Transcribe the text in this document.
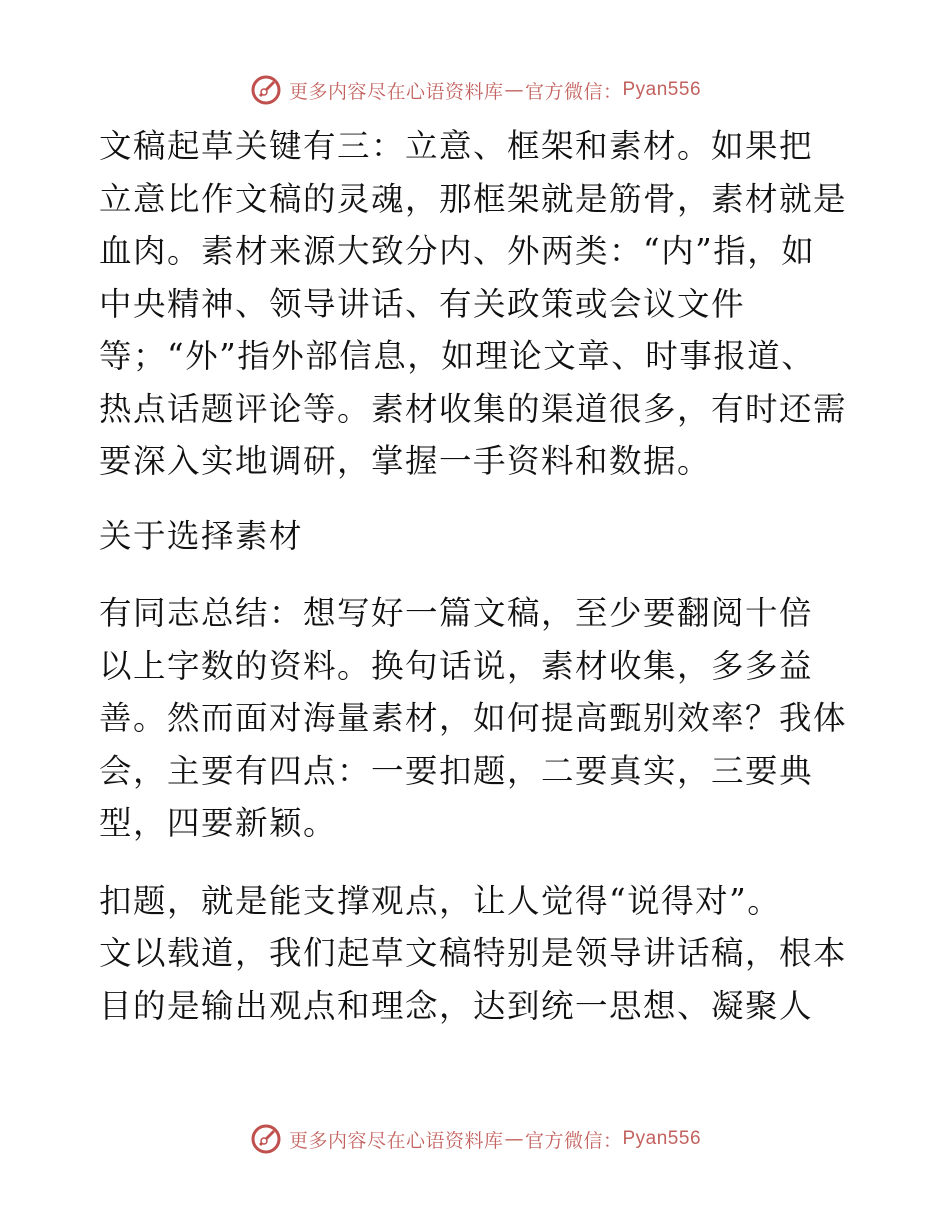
更多内容尽在心语资料库 — 官方微信： Pyan556

文稿起草关键有三：立意、框架和素材。如果把
立意比作文稿的灵魂，那框架就是筋骨，素材就是
血肉。素材来源大致分内、外两类：“内”指，如
中央精神、领导讲话、有关政策或会议文件
等；“外”指外部信息，如理论文章、时事报道、
热点话题评论等。素材收集的渠道很多，有时还需
要深入实地调研，掌握一手资料和数据。

关于选择素材

有同志总结：想写好一篇文稿，至少要翻阅十倍
以上字数的资料。换句话说，素材收集，多多益
善。然而面对海量素材，如何提高甄别效率？我体
会，主要有四点：一要扣题，二要真实，三要典
型，四要新颖。

扣题，就是能支撑观点，让人觉得“说得对”。
文以载道，我们起草文稿特别是领导讲话稿，根本
目的是输出观点和理念，达到统一思想、凝聚人

更多内容尽在心语资料库 — 官方微信： Pyan556
